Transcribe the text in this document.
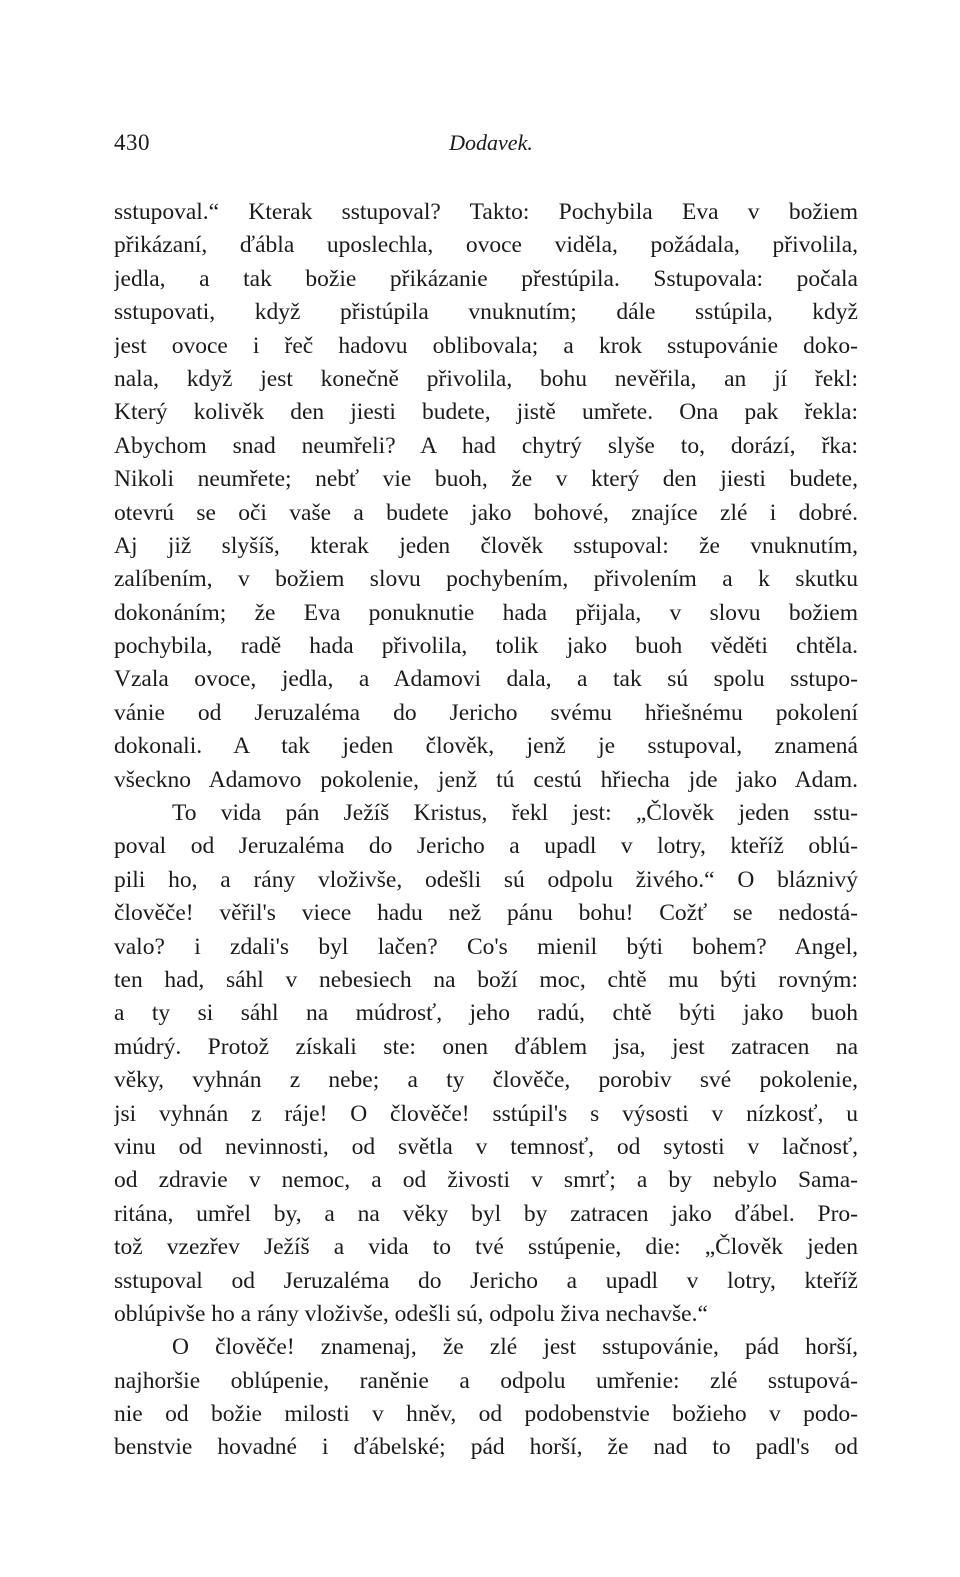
430	Dodavek.
sstupoval.“ Kterak sstupoval? Takto: Pochybila Eva v božiem
přikázaní, ďábla uposlechla, ovoce viděla, požádala, přivolila,
jedla, a tak božie přikázanie přestúpila. Sstupovala: počala
sstupovati, když přistúpila vnuknutím; dále sstúpila, když
jest ovoce i řeč hadovu oblibovala; a krok sstupovánie doko-
nala, když jest konečně přivolila, bohu nevěřila, an jí řekl:
Který kolivěk den jiesti budete, jistě umřete. Ona pak řekla:
Abychom snad neumřeli? A had chytrý slyše to, dorází, řka:
Nikoli neumřete; nebť vie buoh, že v který den jiesti budete,
otevrú se oči vaše a budete jako bohové, znajíce zlé i dobré.
Aj již slyšíš, kterak jeden člověk sstupoval: že vnuknutím,
zalíbením, v božiem slovu pochybením, přivolením a k skutku
dokonáním; že Eva ponuknutie hada přijala, v slovu božiem
pochybila, radě hada přivolila, tolik jako buoh věděti chtěla.
Vzala ovoce, jedla, a Adamovi dala, a tak sú spolu sstupo-
vánie od Jeruzaléma do Jericho svému hřiešnému pokolení
dokonali. A tak jeden člověk, jenž je sstupoval, znamená
všeckno Adamovo pokolenie, jenž tú cestú hřiecha jde jako Adam.
To vida pán Ježíš Kristus, řekl jest: „Člověk jeden sstu-
poval od Jeruzaléma do Jericho a upadl v lotry, kteříž oblú-
pili ho, a rány vloživše, odešli sú odpolu živého.“ O bláznivý
člověče! věřil's viece hadu než pánu bohu! Cožť se nedostá-
valo? i zdali's byl lačen? Co's mienil býti bohem? Angel,
ten had, sáhl v nebesiech na boží moc, chtě mu býti rovným:
a ty si sáhl na múdrosť, jeho radú, chtě býti jako buoh
múdrý. Protož získali ste: onen ďáblem jsa, jest zatracen na
věky, vyhnán z nebe; a ty člověče, porobiv své pokolenie,
jsi vyhnán z ráje! O člověče! sstúpil's s výsosti v nízkosť, u
vinu od nevinnosti, od světla v temnosť, od sytosti v lačnosť,
od zdravie v nemoc, a od živosti v smrť; a by nebylo Sama-
ritána, umřel by, a na věky byl by zatracen jako ďábel. Pro-
tož vzezřev Ježíš a vida to tvé sstúpenie, die: „Člověk jeden
sstupoval od Jeruzaléma do Jericho a upadl v lotry, kteříž
oblúpivše ho a rány vloživše, odešli sú, odpolu živa nechavše.“
O člověče! znamenaj, že zlé jest sstupovánie, pád horší,
najhoršie oblúpenie, raněnie a odpolu umřenie: zlé sstupová-
nie od božie milosti v hněv, od podobenstvie božieho v podo-
benstvie hovadné i ďábelské; pád horší, že nad to padl's od
